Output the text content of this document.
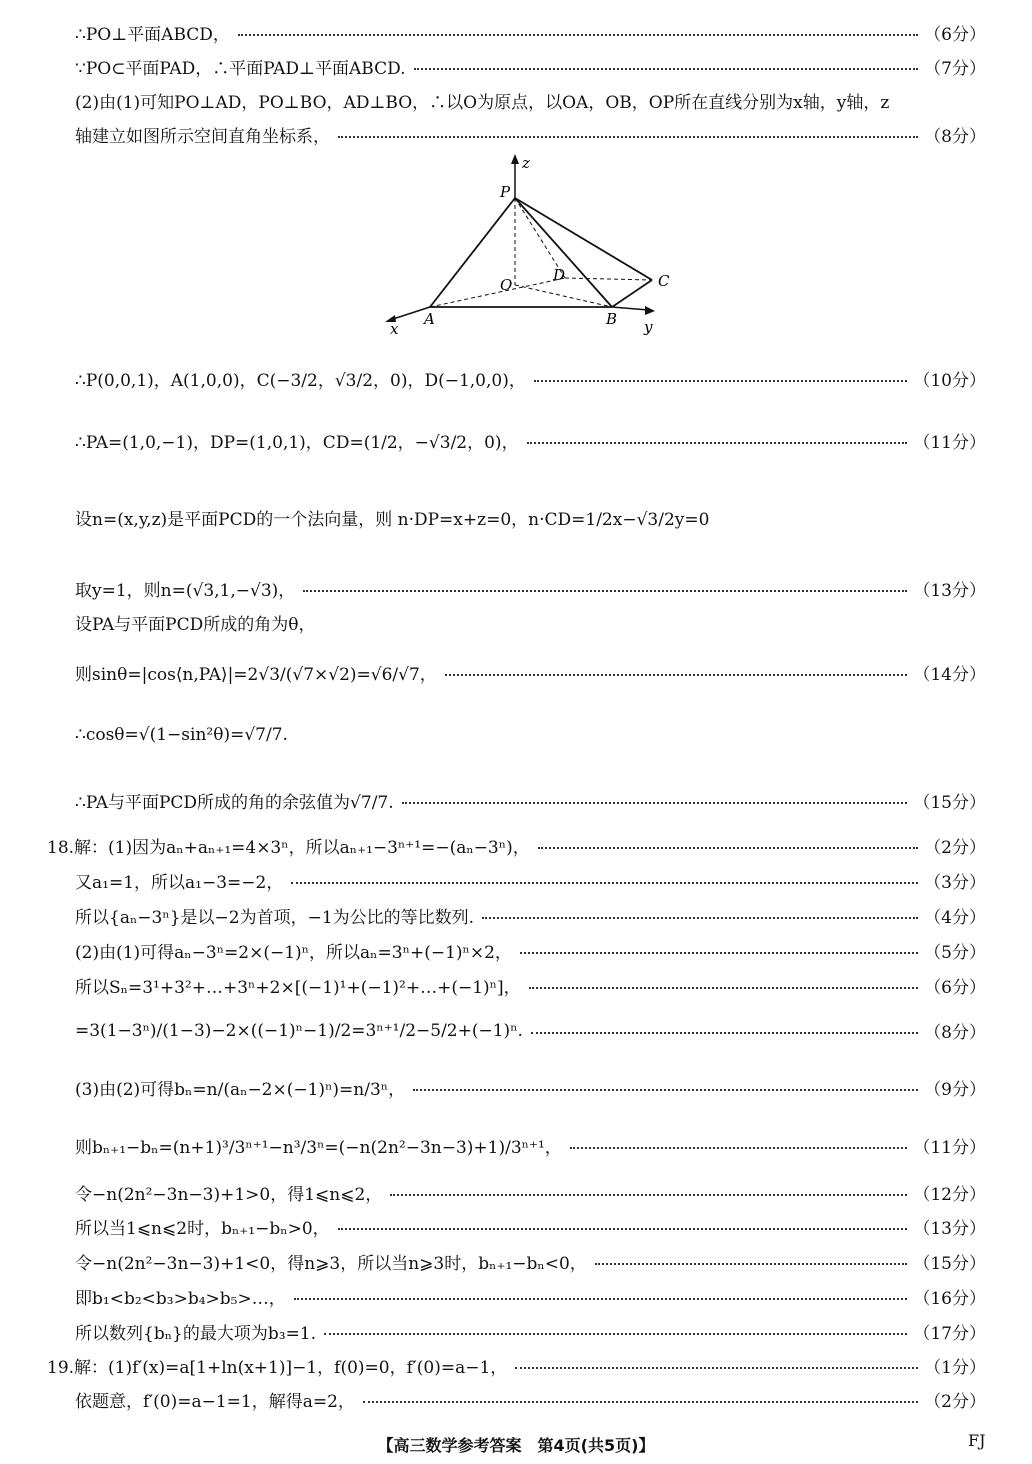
∴PO⊥平面ABCD，	（6分）
∵PO⊂平面PAD，∴平面PAD⊥平面ABCD.	（7分）
(2)由(1)可知PO⊥AD，PO⊥BO，AD⊥BO，∴以O为原点，以OA，OB，OP所在直线分别为x轴，y轴，z
轴建立如图所示空间直角坐标系，	（8分）
z
P
D	C
O
A	B
x	y
∴P(0,0,1)，A(1,0,0)，C(−3/2，√3/2，0)，D(−1,0,0)，	（10分）
∴PA=(1,0,−1)，DP=(1,0,1)，CD=(1/2，−√3/2，0)，	（11分）
设n=(x,y,z)是平面PCD的一个法向量，则 n·DP=x+z=0，n·CD=1/2x−√3/2y=0
取y=1，则n=(√3,1,−√3)，	（13分）
设PA与平面PCD所成的角为θ，
则sinθ=|cos⟨n,PA⟩|=2√3/(√7×√2)=√6/√7，	（14分）
∴cosθ=√(1−sin²θ)=√7/7.
∴PA与平面PCD所成的角的余弦值为√7/7.	（15分）
18.解：(1)因为aₙ+aₙ₊₁=4×3ⁿ，所以aₙ₊₁−3ⁿ⁺¹=−(aₙ−3ⁿ)，	（2分）
又a₁=1，所以a₁−3=−2，	（3分）
所以{aₙ−3ⁿ}是以−2为首项，−1为公比的等比数列.	（4分）
(2)由(1)可得aₙ−3ⁿ=2×(−1)ⁿ，所以aₙ=3ⁿ+(−1)ⁿ×2，	（5分）
所以Sₙ=3¹+3²+…+3ⁿ+2×[(−1)¹+(−1)²+…+(−1)ⁿ]，	（6分）
=3(1−3ⁿ)/(1−3)−2×((−1)ⁿ−1)/2=3ⁿ⁺¹/2−5/2+(−1)ⁿ.	（8分）
(3)由(2)可得bₙ=n/(aₙ−2×(−1)ⁿ)=n/3ⁿ，	（9分）
则bₙ₊₁−bₙ=(n+1)³/3ⁿ⁺¹−n³/3ⁿ=(−n(2n²−3n−3)+1)/3ⁿ⁺¹，	（11分）
令−n(2n²−3n−3)+1>0，得1⩽n⩽2，	（12分）
所以当1⩽n⩽2时，bₙ₊₁−bₙ>0，	（13分）
令−n(2n²−3n−3)+1<0，得n⩾3，所以当n⩾3时，bₙ₊₁−bₙ<0，	（15分）
即b₁<b₂<b₃>b₄>b₅>…，	（16分）
所以数列{bₙ}的最大项为b₃=1.	（17分）
19.解：(1)f′(x)=a[1+ln(x+1)]−1，f(0)=0，f′(0)=a−1，	（1分）
依题意，f′(0)=a−1=1，解得a=2，	（2分）
【高三数学参考答案　第4页(共5页)】	FJ
